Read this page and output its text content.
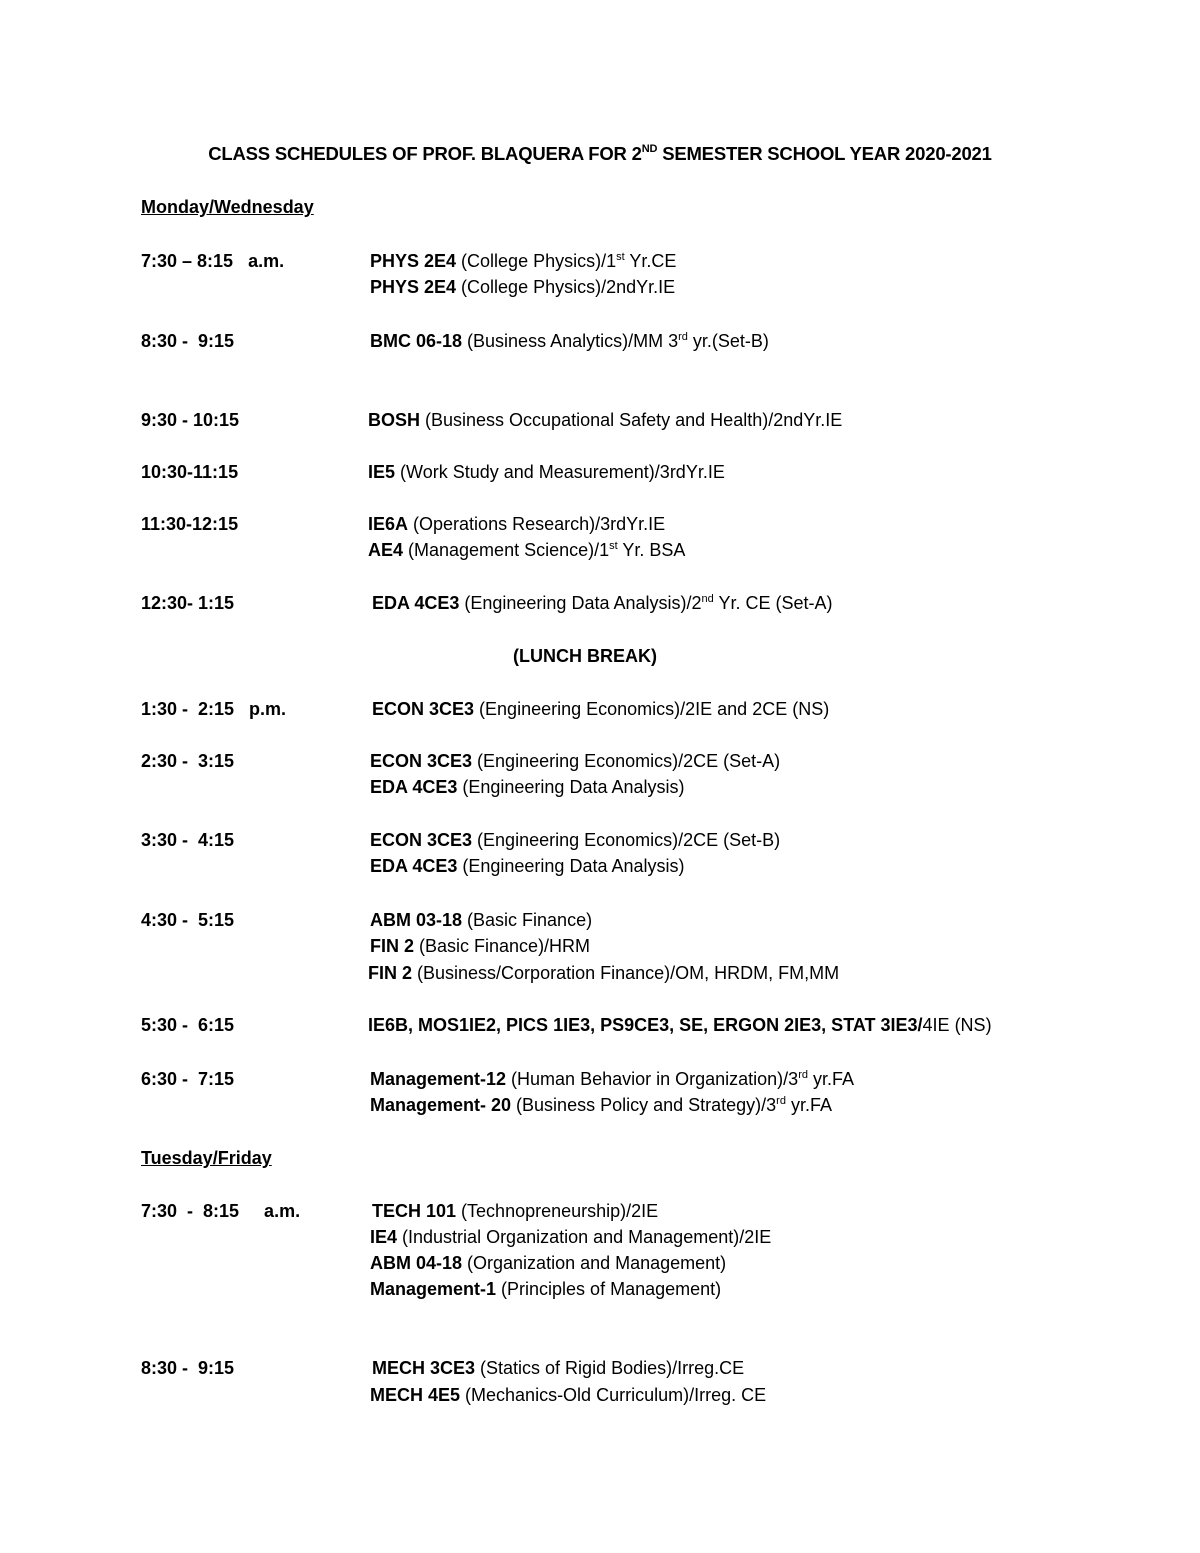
CLASS SCHEDULES OF PROF. BLAQUERA FOR 2ND SEMESTER SCHOOL YEAR 2020-2021
Monday/Wednesday
7:30 – 8:15   a.m.	PHYS 2E4 (College Physics)/1st Yr.CE
PHYS 2E4 (College Physics)/2ndYr.IE
8:30 -  9:15	BMC 06-18 (Business Analytics)/MM 3rd yr.(Set-B)
9:30 - 10:15	BOSH (Business Occupational Safety and Health)/2ndYr.IE
10:30-11:15	IE5 (Work Study and Measurement)/3rdYr.IE
11:30-12:15	IE6A (Operations Research)/3rdYr.IE
AE4 (Management Science)/1st Yr. BSA
12:30- 1:15	EDA 4CE3 (Engineering Data Analysis)/2nd Yr. CE (Set-A)
(LUNCH BREAK)
1:30 -  2:15   p.m.	ECON 3CE3 (Engineering Economics)/2IE and 2CE (NS)
2:30 -  3:15	ECON 3CE3 (Engineering Economics)/2CE (Set-A)
EDA 4CE3 (Engineering Data Analysis)
3:30 -  4:15	ECON 3CE3 (Engineering Economics)/2CE (Set-B)
EDA 4CE3 (Engineering Data Analysis)
4:30 -  5:15	ABM 03-18 (Basic Finance)
FIN 2 (Basic Finance)/HRM
FIN 2 (Business/Corporation Finance)/OM, HRDM, FM,MM
5:30 -  6:15	IE6B, MOS1IE2, PICS 1IE3, PS9CE3, SE, ERGON 2IE3, STAT 3IE3/4IE (NS)
6:30 -  7:15	Management-12 (Human Behavior in Organization)/3rd yr.FA
Management- 20 (Business Policy and Strategy)/3rd yr.FA
Tuesday/Friday
7:30  -  8:15     a.m.	TECH 101 (Technopreneurship)/2IE
IE4 (Industrial Organization and Management)/2IE
ABM 04-18 (Organization and Management)
Management-1 (Principles of Management)
8:30 -  9:15	MECH 3CE3 (Statics of Rigid Bodies)/Irreg.CE
MECH 4E5 (Mechanics-Old Curriculum)/Irreg. CE
